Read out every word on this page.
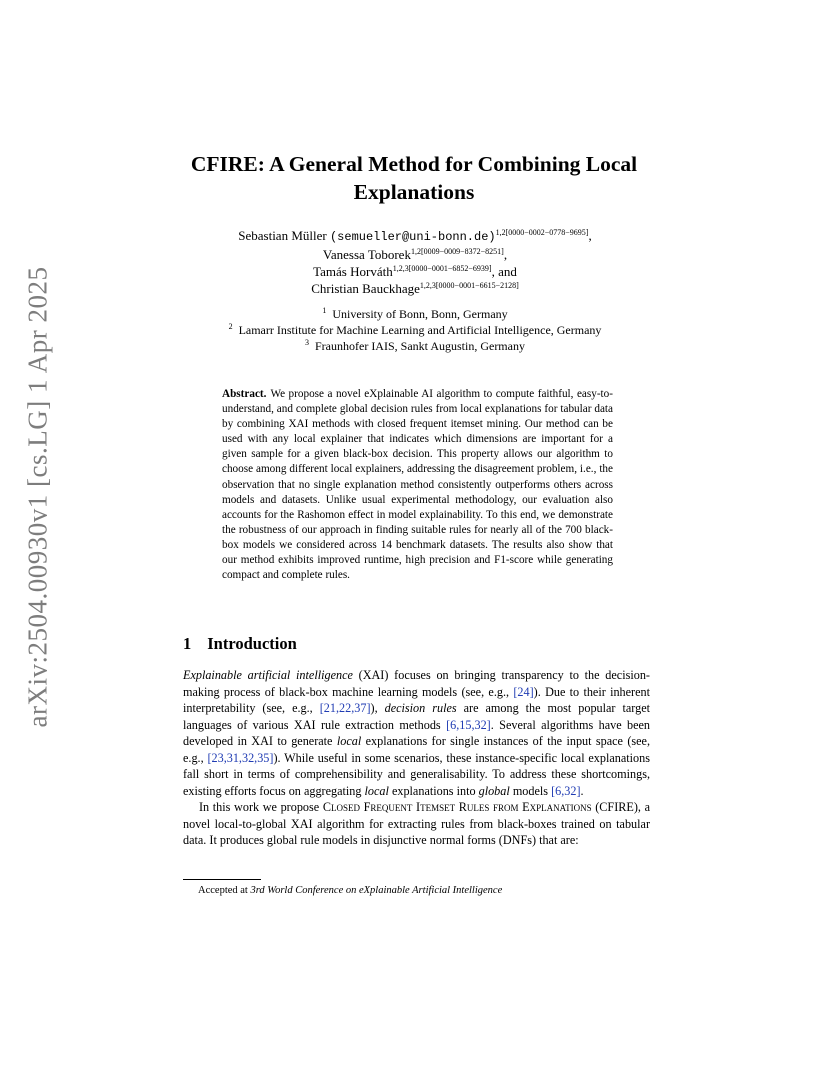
arXiv:2504.00930v1 [cs.LG] 1 Apr 2025
CFIRE: A General Method for Combining Local
Explanations
Sebastian Müller (semueller@uni-bonn.de)$^{1,2[0000-0002-0778-9695]}$,
Vanessa Toborek$^{1,2[0009-0009-8372-8251]}$,
Tamás Horváth$^{1,2,3[0000-0001-6852-6939]}$, and
Christian Bauckhage$^{1,2,3[0000-0001-6615-2128]}$
$^1$ University of Bonn, Bonn, Germany
$^2$ Lamarr Institute for Machine Learning and Artificial Intelligence, Germany
$^3$ Fraunhofer IAIS, Sankt Augustin, Germany
Abstract. We propose a novel eXplainable AI algorithm to compute faithful, easy-to-understand, and complete global decision rules from local explanations for tabular data by combining XAI methods with closed frequent itemset mining. Our method can be used with any local explainer that indicates which dimensions are important for a given sample for a given black-box decision. This property allows our algorithm to choose among different local explainers, addressing the disagreement problem, i.e., the observation that no single explanation method consistently outperforms others across models and datasets. Unlike usual experimental methodology, our evaluation also accounts for the Rashomon effect in model explainability. To this end, we demonstrate the robustness of our approach in finding suitable rules for nearly all of the 700 black-box models we considered across 14 benchmark datasets. The results also show that our method exhibits improved runtime, high precision and F1-score while generating compact and complete rules.
1 Introduction

Explainable artificial intelligence (XAI) focuses on bringing transparency to the decision-making process of black-box machine learning models (see, e.g., [24]). Due to their inherent interpretability (see, e.g., [21,22,37]), decision rules are among the most popular target languages of various XAI rule extraction methods [6,15,32]. Several algorithms have been developed in XAI to generate local explanations for single instances of the input space (see, e.g., [23,31,32,35]). While useful in some scenarios, these instance-specific local explanations fall short in terms of comprehensibility and generalisability. To address these shortcomings, existing efforts focus on aggregating local explanations into global models [6,32].

In this work we propose Closed Frequent Itemset Rules from Explanations (CFIRE), a novel local-to-global XAI algorithm for extracting rules from black-boxes trained on tabular data. It produces global rule models in disjunctive normal forms (DNFs) that are:

Accepted at 3rd World Conference on eXplainable Artificial Intelligence
